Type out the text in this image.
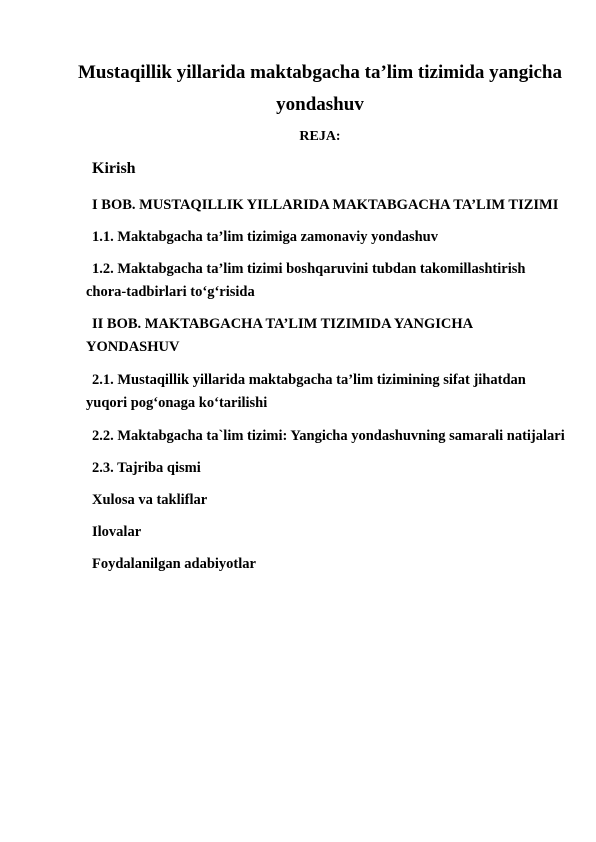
Mustaqillik yillarida maktabgacha ta’lim tizimida yangicha
yondashuv
REJA:
Kirish
I BOB. MUSTAQILLIK YILLARIDA MAKTABGACHA TA’LIM TIZIMI
1.1. Maktabgacha ta’lim tizimiga zamonaviy yondashuv
1.2. Maktabgacha ta’lim tizimi boshqaruvini tubdan takomillashtirish
chora-tadbirlari to‘g‘risida
II BOB. MAKTABGACHA TA’LIM TIZIMIDA YANGICHA
YONDASHUV
2.1. Mustaqillik yillarida maktabgacha ta’lim tizimining sifat jihatdan
yuqori pog‘onaga ko‘tarilishi
2.2. Maktabgacha ta`lim tizimi: Yangicha yondashuvning samarali natijalari
2.3. Tajriba qismi
Xulosa va takliflar
Ilovalar
Foydalanilgan adabiyotlar
